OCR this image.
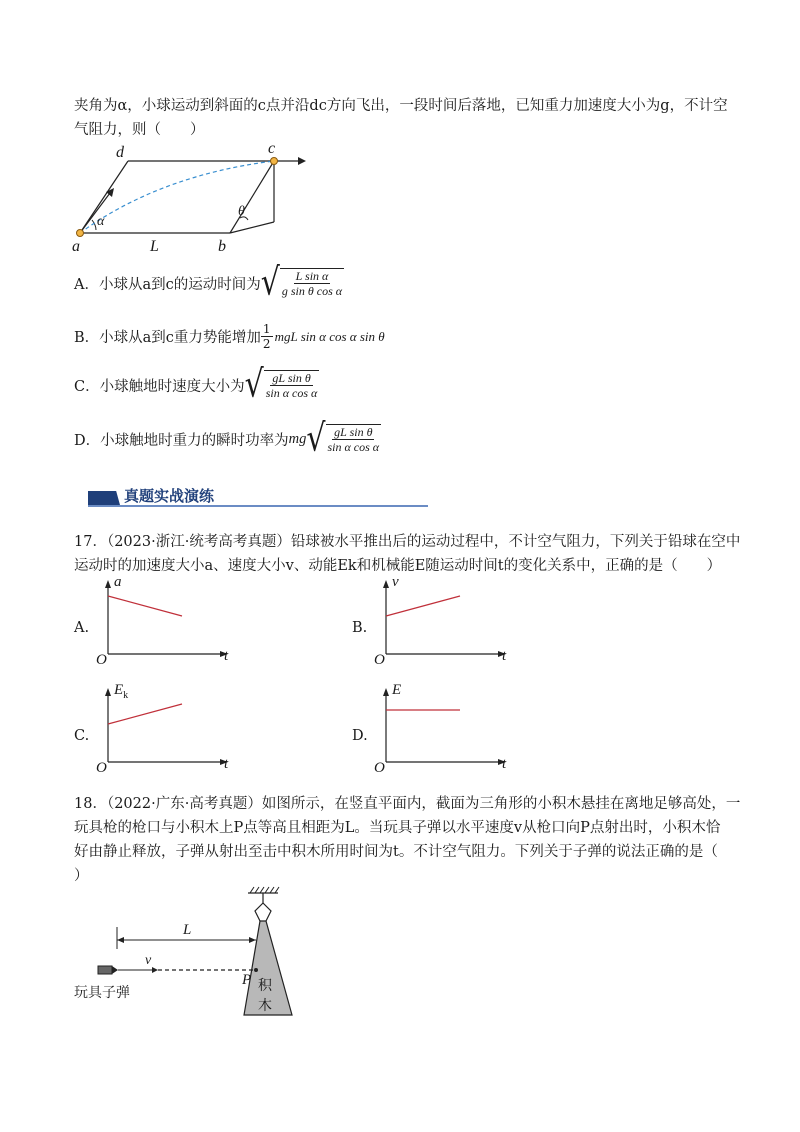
夹角为α，小球运动到斜面的c点并沿dc方向飞出，一段时间后落地，已知重力加速度大小为g，不计空
气阻力，则（　　）
a	b
c
d
L
α
θ
A． 小球从a到c的运动时间为 √ $\frac{\text{L sin α}}{\text{g sin θ cos α}}$
B． 小球从a到c重力势能增加 $\frac{1}{2}$ mgL sin α cos α sin θ
C． 小球触地时速度大小为 √ $\frac{\text{gL sin θ}}{\text{sin α cos α}}$
D． 小球触地时重力的瞬时功率为 mg √ $\frac{\text{gL sin θ}}{\text{sin α cos α}}$
真题实战演练
17．（2023·浙江·统考高考真题）铅球被水平推出后的运动过程中，不计空气阻力，下列关于铅球在空中
运动时的加速度大小a、速度大小v、动能Ek和机械能E随运动时间t的变化关系中，正确的是（　　）
A.
a
O	t
B.
v
O	t
C.
$E_k$
O	t
D.
E
O	t
18．（2022·广东·高考真题）如图所示，在竖直平面内，截面为三角形的小积木悬挂在离地足够高处，一
玩具枪的枪口与小积木上P点等高且相距为L。当玩具子弹以水平速度v从枪口向P点射出时，小积木恰
好由静止释放，子弹从射出至击中积木所用时间为t。不计空气阻力。下列关于子弹的说法正确的是（
）
L
v
P
玩具子弹	积
木
